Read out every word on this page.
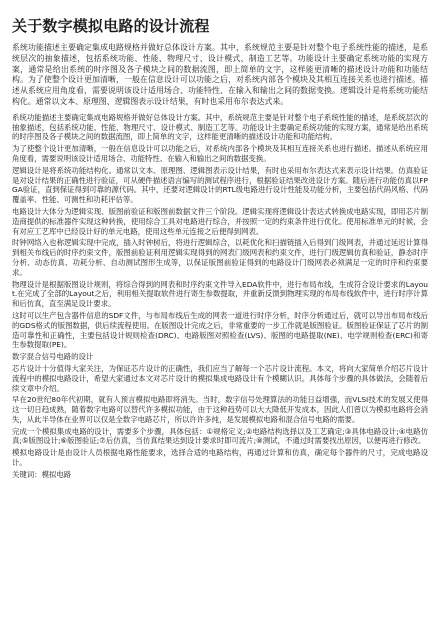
关于数字模拟电路的设计流程

系统功能描述主要确定集成电路规格并做好总体设计方案。其中，系统规范主要是针对整个电子系统性能的描述，是系统层次的抽象描述，包括系统功能、性能、物理尺寸、设计模式、制造工艺等。功能设计主要确定系统功能的实现方案，通常是给出系统的时序图及各子模块之间的数据流图，即上简单的文字，这样能更清晰的描述设计功能和功能结构。为了使整个设计更加清晰，一般在信息设计可以功能之后，对系统内部各个模块及其相互连接关系也进行描述。描述从系统应用角度看，需要说明该设计适用场合、功能特性、在输入和输出之间的数据变换。逻辑设计是将系统功能结构化。通常以文本、原理图、逻辑图表示设计结果，有时也采用布尔表达式来。

系统功能描述主要确定集成电路规格并做好总体设计方案。其中，系统规范主要是针对整个电子系统性能的描述，是系统层次的抽象描述，包括系统功能、性能、物理尺寸、设计模式、制造工艺等。功能设计主要确定系统功能的实现方案，通常是给出系统的时序图及各子模块之间的数据流图，即上简单的文字，这样能更清晰的描述设计功能和功能结构。

为了使整个设计更加清晰，一般在信息设计可以功能之后，对系统内部各个模块及其相互连接关系也进行描述。描述从系统应用角度看，需要说明该设计适用场合、功能特性、在输入和输出之间的数据变换。

逻辑设计是将系统功能结构化。通常以文本、原理图、逻辑图表示设计结果，有时也采用布尔表达式来表示设计结果。仿真验证是对设计结果的正确性进行验证，可从硬件描述语言编写的测试程序进行，根据验证结果改进设计方案。随后进行功能仿真以FPGA验证，直到保证得到可靠的源代码。其中，还要对逻辑设计的RTL级电路进行设计性能及功能分析，主要包括代码风格、代码覆盖率、性能、可测性和功耗评估等。

电路设计大体分为逻辑实现、版图前验证和版图前数据文件三个阶段。逻辑实现将逻辑设计表达式转换成电路实现，即用芯片制造商提供的标准器件实现这种转换，使用综合工具对电路进行综合，并按照一定的约束条件进行优化。使用标准单元的时候，会有对应工艺库中已经设计好的单元电路，使用这些单元连接之后便得到网表。

时钟网络入也称逻辑实现中完成，插入时钟树后，将进行逻辑综合，以耗优化和扫描链插入后得到门级网表，并通过延迟计算得到相关布线后的时序约束文件，版图前验证利用逻辑实现得到的网表门级网表和约束文件，进行门级逻辑仿真和验证，静态时序分析、动态仿真、功耗分析、自动测试图形生成等，以保证版图前验证得到的电路设计门级网表必须满足一定的时序和约束要求。

物理设计是根据版图设计规则，将综合得到的网表和时序约束文件导入EDA软件中，进行布局布线，生成符合设计要求的Layout.在完成了全部的Layout之后，利用相关提取软件进行寄生参数提取，并重新反馈到物理实现的布局布线软件中，进行时序计算和后仿真，直至满足设计要求。

这时可以生产包含器件信息的SDF文件，与布局布线后生成的网表一道进行时序分析，时序分析通过后，就可以导出布局布线后的GDS格式的版图数据，供后续流程使用。在版图设计完成之后，非常重要的一步工作就是版图验证。版图验证保证了芯片的制造可靠性和正确性，主要包括设计规则检查(DRC)、电路版图对照检查(LVS)、版图的电路提取(NE)、电学规则检查(ERC)和寄生参数提取(PE)。

数字混合信号电路的设计

芯片设计十分值得大家关注，为保证芯片设计的正确性，我们应当了解每一个芯片设计流程。本文，将向大家简单介绍芯片设计流程中的模拟电路设计，希望大家通过本文对芯片设计的模拟集成电路设计有个模糊认识。具体每个步骤的具体做法，会随着后续文章中介绍。

早在20世纪80年代初期，就有人预言模拟电路即将消失。当时，数字信号处理算法的功能日益增强，而VLSI技术的发展又使得这一切日趋成熟，随着数字电路可以替代许多模拟功能，由于这种趋势可以大大降低开发成本，因此人们曾以为模拟电路将会消失，从此半导体在业界可以仅是全数字电路芯片，所以许许多纯，是发展模拟电路和混合信号电路的需要。

完成一个模拟集成电路的设计，需要多个步骤，具体包括：①规格定义;②电路结构选择以及工艺确定;③具体电路设计;④电路仿真;⑤版图设计;⑥版图验证;⑦后仿真，当仿真结果达到设计要求时即可流片;⑧测试，不通过时需要找出原因，以便再进行修改。

模拟电路设计是由设计人员根据电路性能要求，选择合适的电路结构，再通过计算和仿真，确定每个器件的尺寸，完成电路设计。

关键词：模拟电路
